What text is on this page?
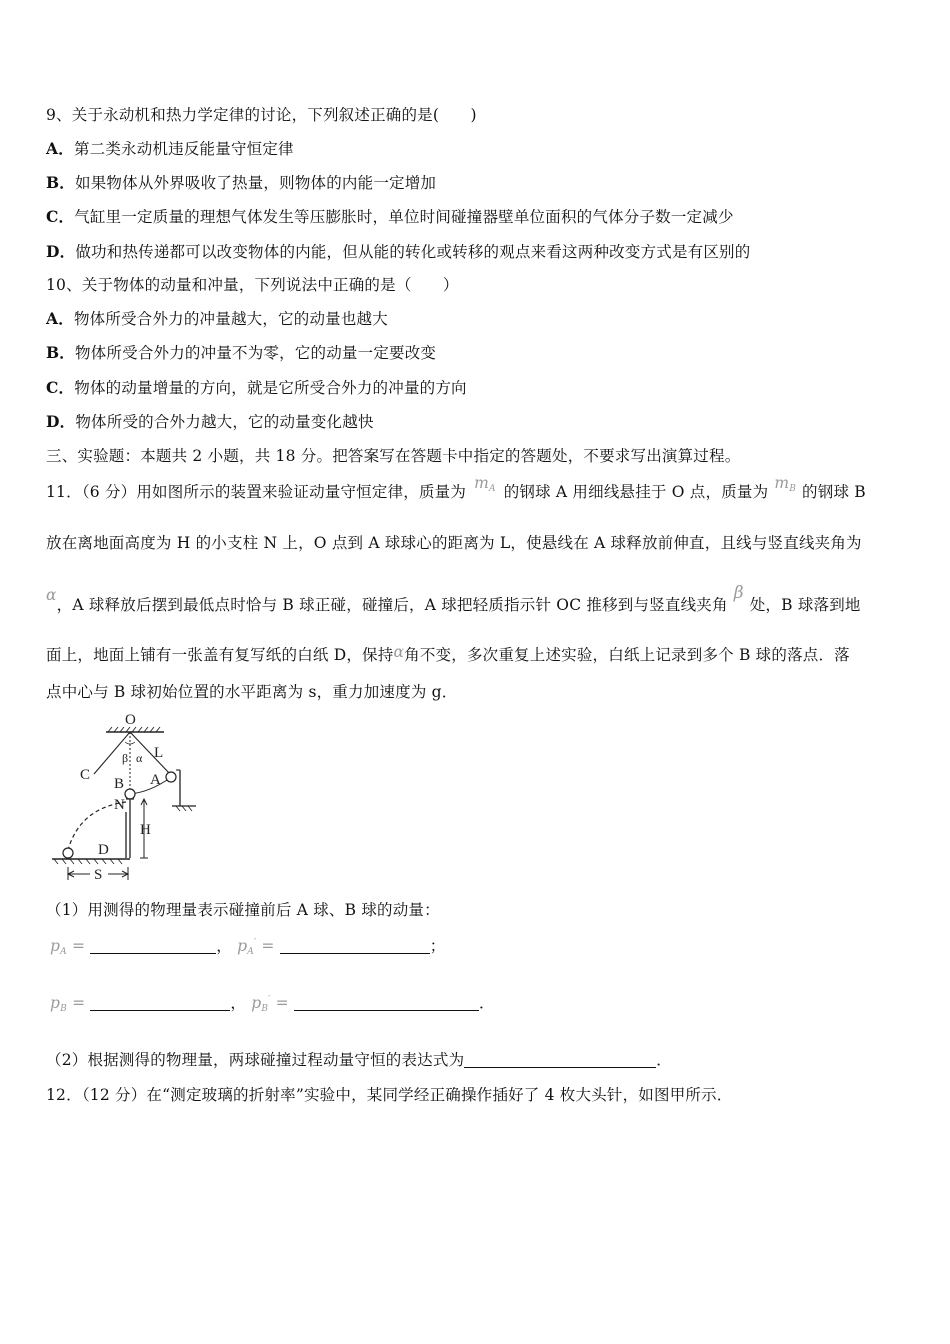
9、关于永动机和热力学定律的讨论，下列叙述正确的是(　　)
A．第二类永动机违反能量守恒定律
B．如果物体从外界吸收了热量，则物体的内能一定增加
C．气缸里一定质量的理想气体发生等压膨胀时，单位时间碰撞器壁单位面积的气体分子数一定减少
D．做功和热传递都可以改变物体的内能，但从能的转化或转移的观点来看这两种改变方式是有区别的
10、关于物体的动量和冲量，下列说法中正确的是（　　）
A．物体所受合外力的冲量越大，它的动量也越大
B．物体所受合外力的冲量不为零，它的动量一定要改变
C．物体的动量增量的方向，就是它所受合外力的冲量的方向
D．物体所受的合外力越大，它的动量变化越快
三、实验题：本题共 2 小题，共 18 分。把答案写在答题卡中指定的答题处，不要求写出演算过程。
11．（6 分）用如图所示的装置来验证动量守恒定律，质量为 $m_A$ 的钢球 A 用细线悬挂于 O 点，质量为 $m_B$ 的钢球 B
放在离地面高度为 H 的小支柱 N 上，O 点到 A 球球心的距离为 L，使悬线在 A 球释放前伸直，且线与竖直线夹角为
α，A 球释放后摆到最低点时恰与 B 球正碰，碰撞后，A 球把轻质指示针 OC 推移到与竖直线夹角β处，B 球落到地
面上，地面上铺有一张盖有复写纸的白纸 D，保持α角不变，多次重复上述实验，白纸上记录到多个 B 球的落点．落
点中心与 B 球初始位置的水平距离为 s，重力加速度为 g．
O
β α L
C	A
B
N
H
D
S
（1）用测得的物理量表示碰撞前后 A 球、B 球的动量：
$p_A$ =	， $p_A'$ =	；
$p_B$ =	， $p_B'$ =	．
（2）根据测得的物理量，两球碰撞过程动量守恒的表达式为	．
12．（12 分）在“测定玻璃的折射率”实验中，某同学经正确操作插好了 4 枚大头针，如图甲所示．
